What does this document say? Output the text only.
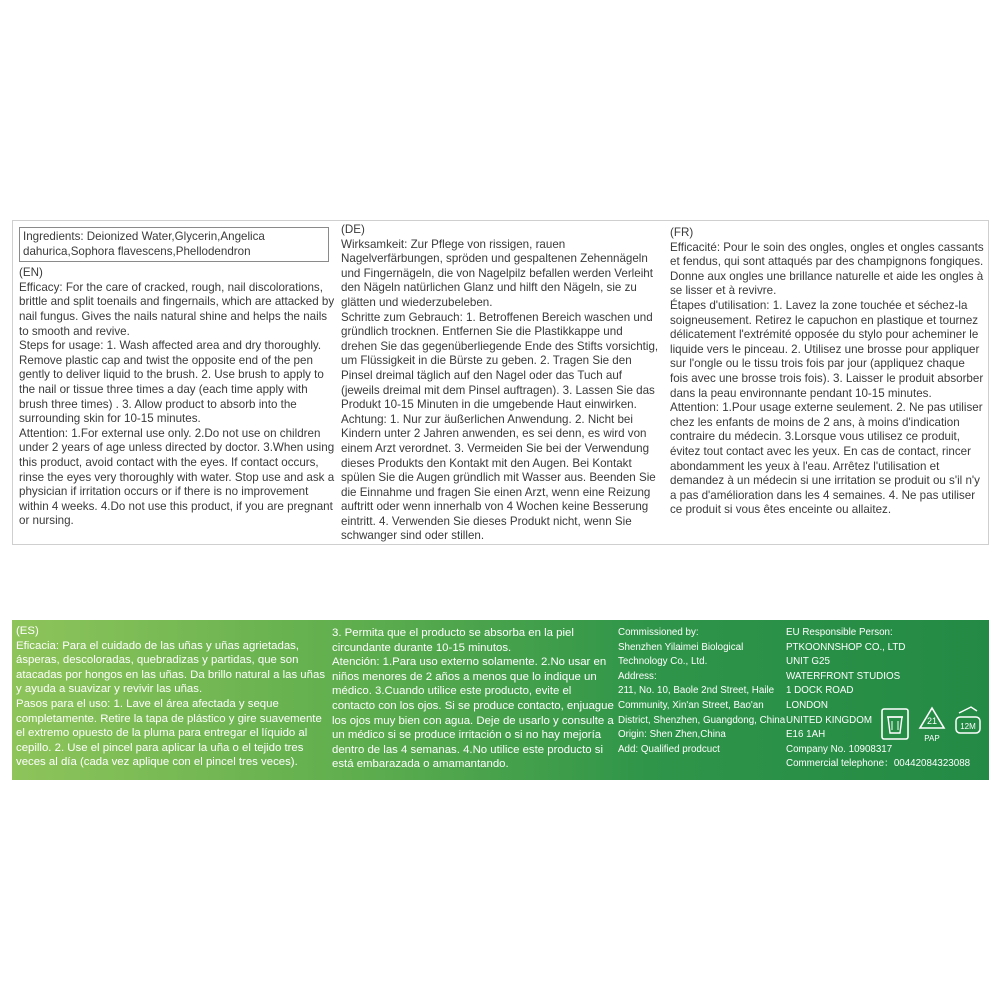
Ingredients: Deionized Water,Glycerin,Angelica dahurica,Sophora flavescens,Phellodendron

(EN)

Efficacy: For the care of cracked, rough, nail discolorations, brittle and split toenails and fingernails, which are attacked by nail fungus. Gives the nails natural shine and helps the nails to smooth and revive.

Steps for usage: 1. Wash affected area and dry thoroughly. Remove plastic cap and twist the opposite end of the pen gently to deliver liquid to the brush. 2. Use brush to apply to the nail or tissue three times a day (each time apply with brush three times) . 3. Allow product to absorb into the surrounding skin for 10-15 minutes.

Attention: 1.For external use only. 2.Do not use on children under 2 years of age unless directed by doctor. 3.When using this product, avoid contact with the eyes. If contact occurs, rinse the eyes very thoroughly with water. Stop use and ask a physician if irritation occurs or if there is no improvement within 4 weeks. 4.Do not use this product, if you are pregnant or nursing.

(DE)

Wirksamkeit: Zur Pflege von rissigen, rauen Nagelverfärbungen, spröden und gespaltenen Zehennägeln und Fingernägeln, die von Nagelpilz befallen werden Verleiht den Nägeln natürlichen Glanz und hilft den Nägeln, sie zu glätten und wiederzubeleben.

Schritte zum Gebrauch: 1. Betroffenen Bereich waschen und gründlich trocknen. Entfernen Sie die Plastikkappe und drehen Sie das gegenüberliegende Ende des Stifts vorsichtig, um Flüssigkeit in die Bürste zu geben. 2. Tragen Sie den Pinsel dreimal täglich auf den Nagel oder das Tuch auf (jeweils dreimal mit dem Pinsel auftragen). 3. Lassen Sie das Produkt 10-15 Minuten in die umgebende Haut einwirken.

Achtung: 1. Nur zur äußerlichen Anwendung. 2. Nicht bei Kindern unter 2 Jahren anwenden, es sei denn, es wird von einem Arzt verordnet. 3. Vermeiden Sie bei der Verwendung dieses Produkts den Kontakt mit den Augen. Bei Kontakt spülen Sie die Augen gründlich mit Wasser aus. Beenden Sie die Einnahme und fragen Sie einen Arzt, wenn eine Reizung auftritt oder wenn innerhalb von 4 Wochen keine Besserung eintritt. 4. Verwenden Sie dieses Produkt nicht, wenn Sie schwanger sind oder stillen.

(FR)

Efficacité: Pour le soin des ongles, ongles et ongles cassants et fendus, qui sont attaqués par des champignons fongiques. Donne aux ongles une brillance naturelle et aide les ongles à se lisser et à revivre.

Étapes d'utilisation: 1. Lavez la zone touchée et séchez-la soigneusement. Retirez le capuchon en plastique et tournez délicatement l'extrémité opposée du stylo pour acheminer le liquide vers le pinceau. 2. Utilisez une brosse pour appliquer sur l'ongle ou le tissu trois fois par jour (appliquez chaque fois avec une brosse trois fois). 3. Laisser le produit absorber dans la peau environnante pendant 10-15 minutes.

Attention: 1.Pour usage externe seulement. 2. Ne pas utiliser chez les enfants de moins de 2 ans, à moins d'indication contraire du médecin. 3.Lorsque vous utilisez ce produit, évitez tout contact avec les yeux. En cas de contact, rincer abondamment les yeux à l'eau. Arrêtez l'utilisation et demandez à un médecin si une irritation se produit ou s'il n'y a pas d'amélioration dans les 4 semaines. 4. Ne pas utiliser ce produit si vous êtes enceinte ou allaitez.

(ES)

Eficacia: Para el cuidado de las uñas y uñas agrietadas, ásperas, descoloradas, quebradizas y partidas, que son atacadas por hongos en las uñas. Da brillo natural a las uñas y ayuda a suavizar y revivir las uñas.

Pasos para el uso: 1. Lave el área afectada y seque completamente. Retire la tapa de plástico y gire suavemente el extremo opuesto de la pluma para entregar el líquido al cepillo. 2. Use el pincel para aplicar la uña o el tejido tres veces al día (cada vez aplique con el pincel tres veces).

3. Permita que el producto se absorba en la piel circundante durante 10-15 minutos.

Atención: 1.Para uso externo solamente. 2.No usar en niños menores de 2 años a menos que lo indique un médico. 3.Cuando utilice este producto, evite el contacto con los ojos. Si se produce contacto, enjuague los ojos muy bien con agua. Deje de usarlo y consulte a un médico si se produce irritación o si no hay mejoría dentro de las 4 semanas. 4.No utilice este producto si está embarazada o amamantando.

Commissioned by:

Shenzhen Yilaimei Biological Technology Co., Ltd.

Address:

211, No. 10, Baole 2nd Street, Haile Community, Xin'an Street, Bao'an District, Shenzhen, Guangdong, China

Origin: Shen Zhen,China

Add: Qualified prodcuct

EU Responsible Person:

PTKOONNSHOP CO., LTD

UNIT G25

WATERFRONT STUDIOS

1 DOCK ROAD

LONDON

UNITED KINGDOM

E16 1AH

Company No. 10908317

Commercial telephone：00442084323088

21
PAP
12M
